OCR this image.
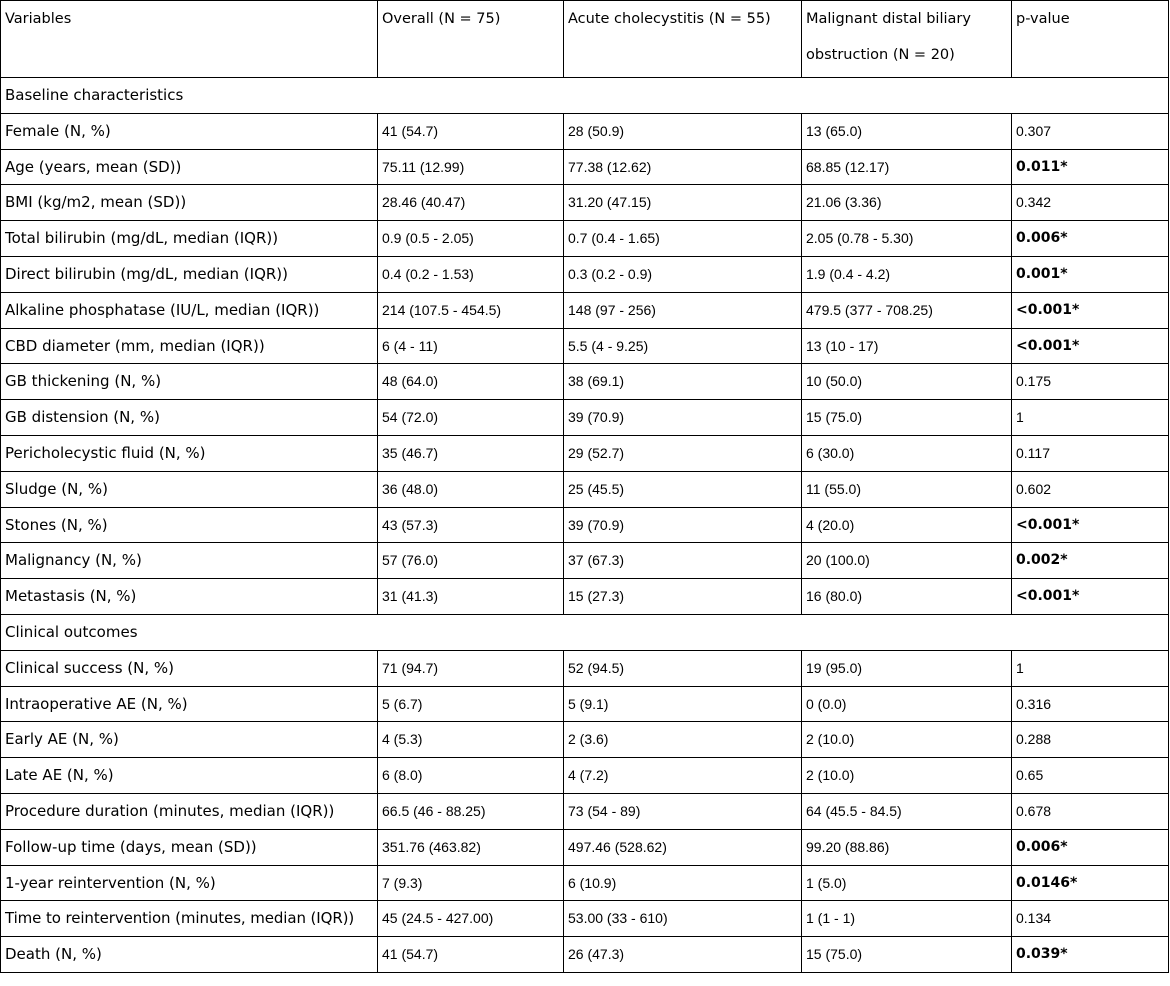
Variables	Overall (N = 75)	Acute cholecystitis (N = 55)	Malignant distal biliary
obstruction (N = 20)	p-value
Baseline characteristics				
Female (N, %)	41 (54.7)	28 (50.9)	13 (65.0)	0.307
Age (years, mean (SD))	75.11 (12.99)	77.38 (12.62)	68.85 (12.17)	0.011*
BMI (kg/m2, mean (SD))	28.46 (40.47)	31.20 (47.15)	21.06 (3.36)	0.342
Total bilirubin (mg/dL, median (IQR))	0.9 (0.5 - 2.05)	0.7 (0.4 - 1.65)	2.05 (0.78 - 5.30)	0.006*
Direct bilirubin (mg/dL, median (IQR))	0.4 (0.2 - 1.53)	0.3 (0.2 - 0.9)	1.9 (0.4 - 4.2)	0.001*
Alkaline phosphatase (IU/L, median (IQR))	214 (107.5 - 454.5)	148 (97 - 256)	479.5 (377 - 708.25)	<0.001*
CBD diameter (mm, median (IQR))	6 (4 - 11)	5.5 (4 - 9.25)	13 (10 - 17)	<0.001*
GB thickening (N, %)	48 (64.0)	38 (69.1)	10 (50.0)	0.175
GB distension (N, %)	54 (72.0)	39 (70.9)	15 (75.0)	1
Pericholecystic fluid (N, %)	35 (46.7)	29 (52.7)	6 (30.0)	0.117
Sludge (N, %)	36 (48.0)	25 (45.5)	11 (55.0)	0.602
Stones (N, %)	43 (57.3)	39 (70.9)	4 (20.0)	<0.001*
Malignancy (N, %)	57 (76.0)	37 (67.3)	20 (100.0)	0.002*
Metastasis (N, %)	31 (41.3)	15 (27.3)	16 (80.0)	<0.001*
Clinical outcomes				
Clinical success (N, %)	71 (94.7)	52 (94.5)	19 (95.0)	1
Intraoperative AE (N, %)	5 (6.7)	5 (9.1)	0 (0.0)	0.316
Early AE (N, %)	4 (5.3)	2 (3.6)	2 (10.0)	0.288
Late AE (N, %)	6 (8.0)	4 (7.2)	2 (10.0)	0.65
Procedure duration (minutes, median (IQR))	66.5 (46 - 88.25)	73 (54 - 89)	64 (45.5 - 84.5)	0.678
Follow-up time (days, mean (SD))	351.76 (463.82)	497.46 (528.62)	99.20 (88.86)	0.006*
1-year reintervention (N, %)	7 (9.3)	6 (10.9)	1 (5.0)	0.0146*
Time to reintervention (minutes, median (IQR))	45 (24.5 - 427.00)	53.00 (33 - 610)	1 (1 - 1)	0.134
Death (N, %)	41 (54.7)	26 (47.3)	15 (75.0)	0.039*
